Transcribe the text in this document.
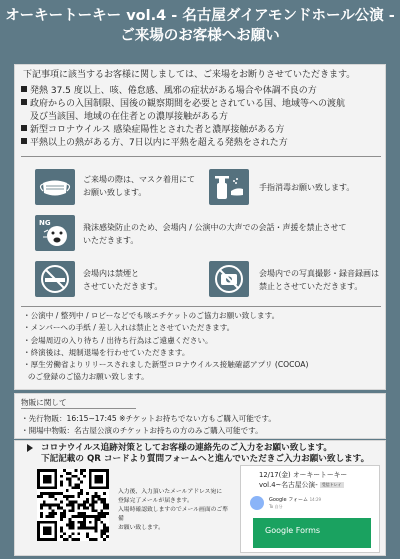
オーキートーキー vol.4 - 名古屋ダイアモンドホール公演 -
ご来場のお客様へお願い
下記事項に該当するお客様に関しましては、ご来場をお断りさせていただきます。
発熱 37.5 度以上、咳、倦怠感、風邪の症状がある場合や体調不良の方
政府からの入国制限、国後の観察期間を必要とされている国、地域等への渡航
及び当該国、地域の在住者との濃厚接触がある方
新型コロナウイルス 感染症陽性とされた者と濃厚接触がある方
平熱以上の熱がある方、7日以内に平熱を超える発熱をされた方
ご来場の際は、マスク着用にて
お願い致します。
手指消毒お願い致します。
NG	飛沫感染防止のため、会場内 / 公演中の大声での会話・声援を禁止させて
いただきます。
会場内は禁煙と
させていただきます。
会場内での写真撮影・録音録画は
禁止とさせていただきます。
・公演中 / 整列中 / ロビーなどでも咳エチケットのご協力お願い致します。
・メンバーへの手紙 / 差し入れは禁止とさせていただきます。
・会場周辺の入り待ち / 出待ち行為はご遠慮ください。
・終演後は、規制退場を行わせていただきます。
・厚生労働省よりリリースされました新型コロナウイルス接触確認アプリ (COCOA)
のご登録のご協力お願い致します。
物販に関して
・先行物販：16:15~17:45 ※チケットお持ちでない方もご購入可能です。
・開場中物販：名古屋公演のチケットお持ちの方のみご購入可能です。
コロナウイルス追跡対策としてお客様の連絡先のご入力をお願い致します。
下記記載の QR コードより質問フォームへと進んでいただきご入力お願い致します。
入力後、入力頂いたメールアドレス宛に
登録完了メールが届きます。
入場時確認致しますのでメール画面のご準備
お願い致します。
12/17(金) オーキートーキー
vol.4~名古屋公演- 受信トレイ
Google フォーム 14:29
To 自分
Google Forms
